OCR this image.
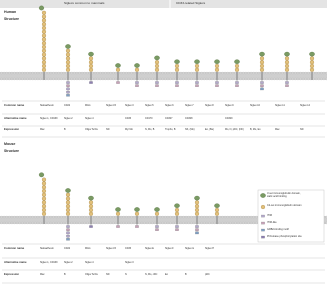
Siglecs common to mammals	CD33-related Siglecs
Human
Structure
Common name
Alternative name
Expression
Mouse
Structure
Common name
Alternative name
Expression
Sialoadhesin
Siglec-1, CD169
Mac
CD22
Siglec-2
B
MAG
Siglec-4
Oligo/ Schw
Siglec-15
ND
Siglec-3
CD33
My/ Mo
Siglec-5
CD170
N, Mo, B
Siglec-6
CD327
Tropho, B
Siglec-7
CD328
NK, (Mo)
Siglec-8
Eo, (Ba)
Siglec-9
CD329
Mo, N, pDC, (NK)
Siglec-10
B, Mo, Eo
Siglec-11
Mac
Siglec-14
ND
Sialoadhesin
Siglec-1, CD169
Mac
CD22
Siglec-2
B
MAG
Siglec-4
Oligo/ Schw
Siglec-15
ND
CD33
Siglec-3
N
Siglec-E
N, Mo, cDC
Siglec-F
Eo
Siglec-G
B
Siglec-H
pDC
V-set immunoglobulin domain, sialic acid binding
C2-set immunoglobulin domain
ITIM
ITIM-like
GRB2-binding motif
PI3-kinase phosphorylation site
